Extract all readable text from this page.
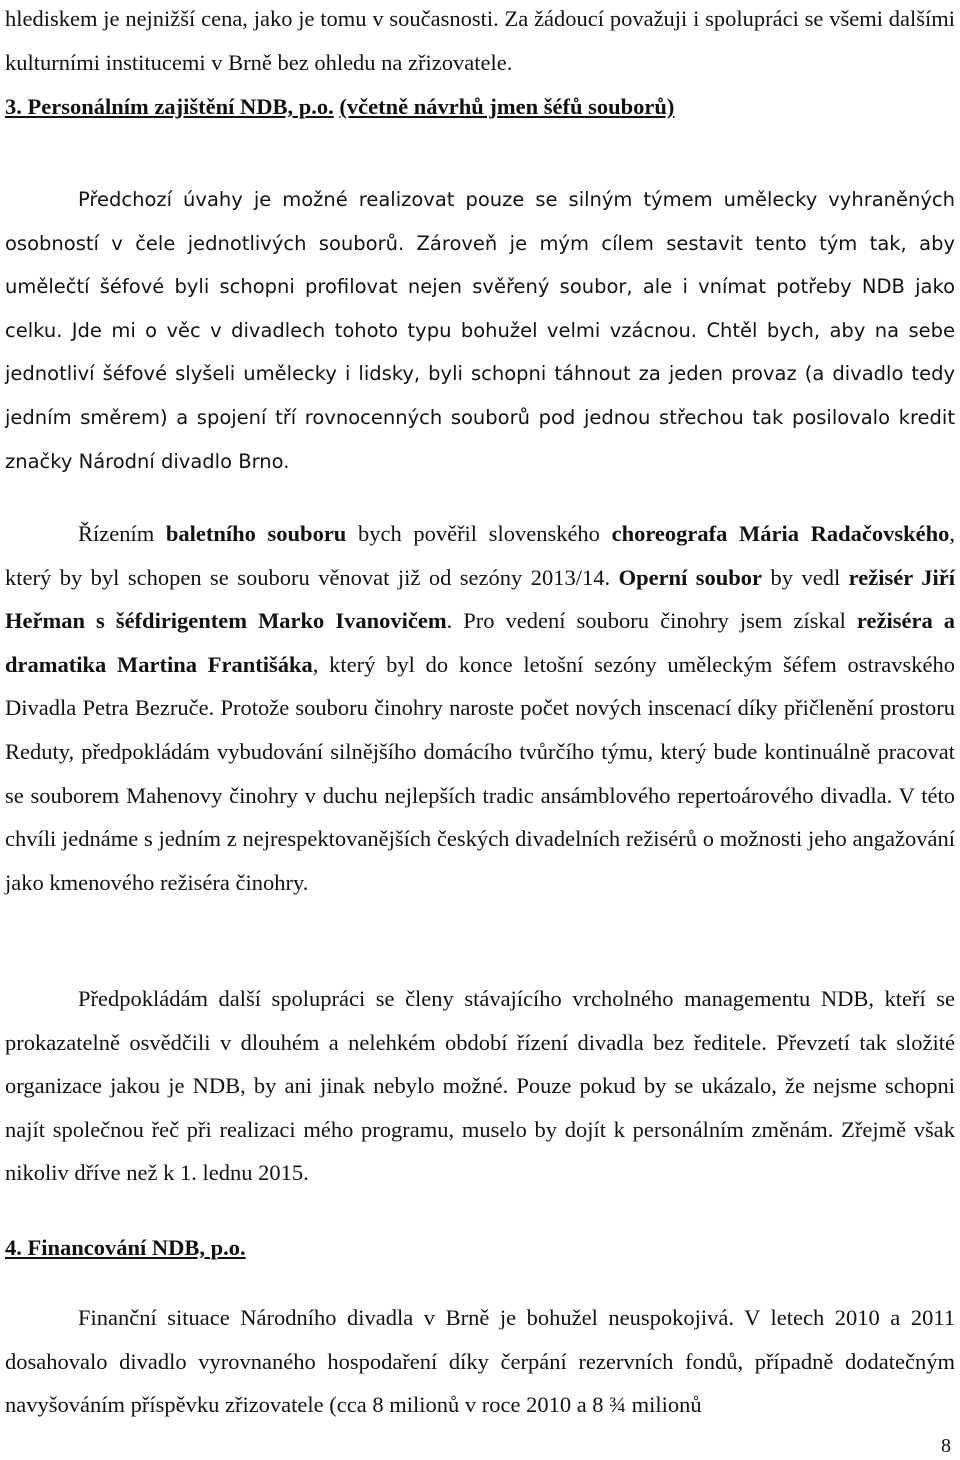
hlediskem je nejnižší cena, jako je tomu v současnosti. Za žádoucí považuji i spolupráci se všemi dalšími kulturními institucemi v Brně bez ohledu na zřizovatele.

3. Personálním zajištění NDB, p.o. (včetně návrhů jmen šéfů souborů)

Předchozí úvahy je možné realizovat pouze se silným týmem umělecky vyhraněných osobností v čele jednotlivých souborů. Zároveň je mým cílem sestavit tento tým tak, aby umělečtí šéfové byli schopni profilovat nejen svěřený soubor, ale i vnímat potřeby NDB jako celku. Jde mi o věc v divadlech tohoto typu bohužel velmi vzácnou. Chtěl bych, aby na sebe jednotliví šéfové slyšeli umělecky i lidsky, byli schopni táhnout za jeden provaz (a divadlo tedy jedním směrem) a spojení tří rovnocenných souborů pod jednou střechou tak posilovalo kredit značky Národní divadlo Brno.

Řízením baletního souboru bych pověřil slovenského choreografa Mária Radačovského, který by byl schopen se souboru věnovat již od sezóny 2013/14. Operní soubor by vedl režisér Jiří Heřman s šéfdirigentem Marko Ivanovičem. Pro vedení souboru činohry jsem získal režiséra a dramatika Martina Františáka, který byl do konce letošní sezóny uměleckým šéfem ostravského Divadla Petra Bezruče. Protože souboru činohry naroste počet nových inscenací díky přičlenění prostoru Reduty, předpokládám vybudování silnějšího domácího tvůrčího týmu, který bude kontinuálně pracovat se souborem Mahenovy činohry v duchu nejlepších tradic ansámblového repertoárového divadla. V této chvíli jednáme s jedním z nejrespektovanějších českých divadelních režisérů o možnosti jeho angažování jako kmenového režiséra činohry.

Předpokládám další spolupráci se členy stávajícího vrcholného managementu NDB, kteří se prokazatelně osvědčili v dlouhém a nelehkém období řízení divadla bez ředitele. Převzetí tak složité organizace jakou je NDB, by ani jinak nebylo možné. Pouze pokud by se ukázalo, že nejsme schopni najít společnou řeč při realizaci mého programu, muselo by dojít k personálním změnám. Zřejmě však nikoliv dříve než k 1. lednu 2015.

4. Financování NDB, p.o.

Finanční situace Národního divadla v Brně je bohužel neuspokojivá. V letech 2010 a 2011 dosahovalo divadlo vyrovnaného hospodaření díky čerpání rezervních fondů, případně dodatečným navyšováním příspěvku zřizovatele (cca 8 milionů v roce 2010 a 8 ¾ milionů

8
